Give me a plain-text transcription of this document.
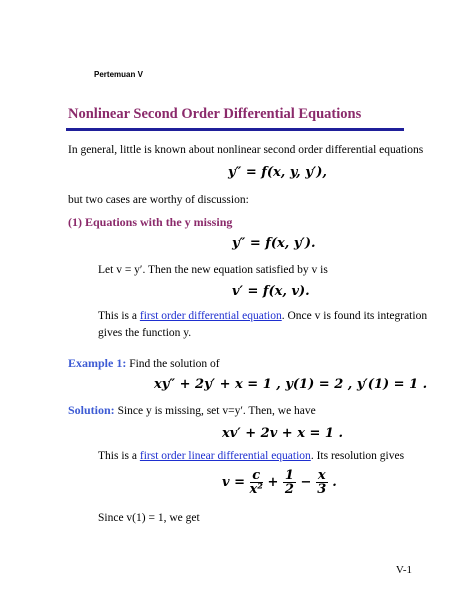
Pertemuan V
Nonlinear Second Order Differential Equations
In general, little is known about nonlinear second order differential equations
y″ = f(x, y, y′),
but two cases are worthy of discussion:
(1) Equations with the y missing
y″ = f(x, y′).
Let v = y′. Then the new equation satisfied by v is
v′ = f(x, v).
This is a first order differential equation. Once v is found its integration
gives the function y.
Example 1: Find the solution of
xy″ + 2y′ + x = 1 , y(1) = 2 , y′(1) = 1 .
Solution: Since y is missing, set v=y′. Then, we have
xv′ + 2v + x = 1 .
This is a first order linear differential equation. Its resolution gives
$v = \frac{c}{\text{x²}} + \frac{1}{2} - \frac{x}{3}$ .
Since v(1) = 1, we get
V-1
